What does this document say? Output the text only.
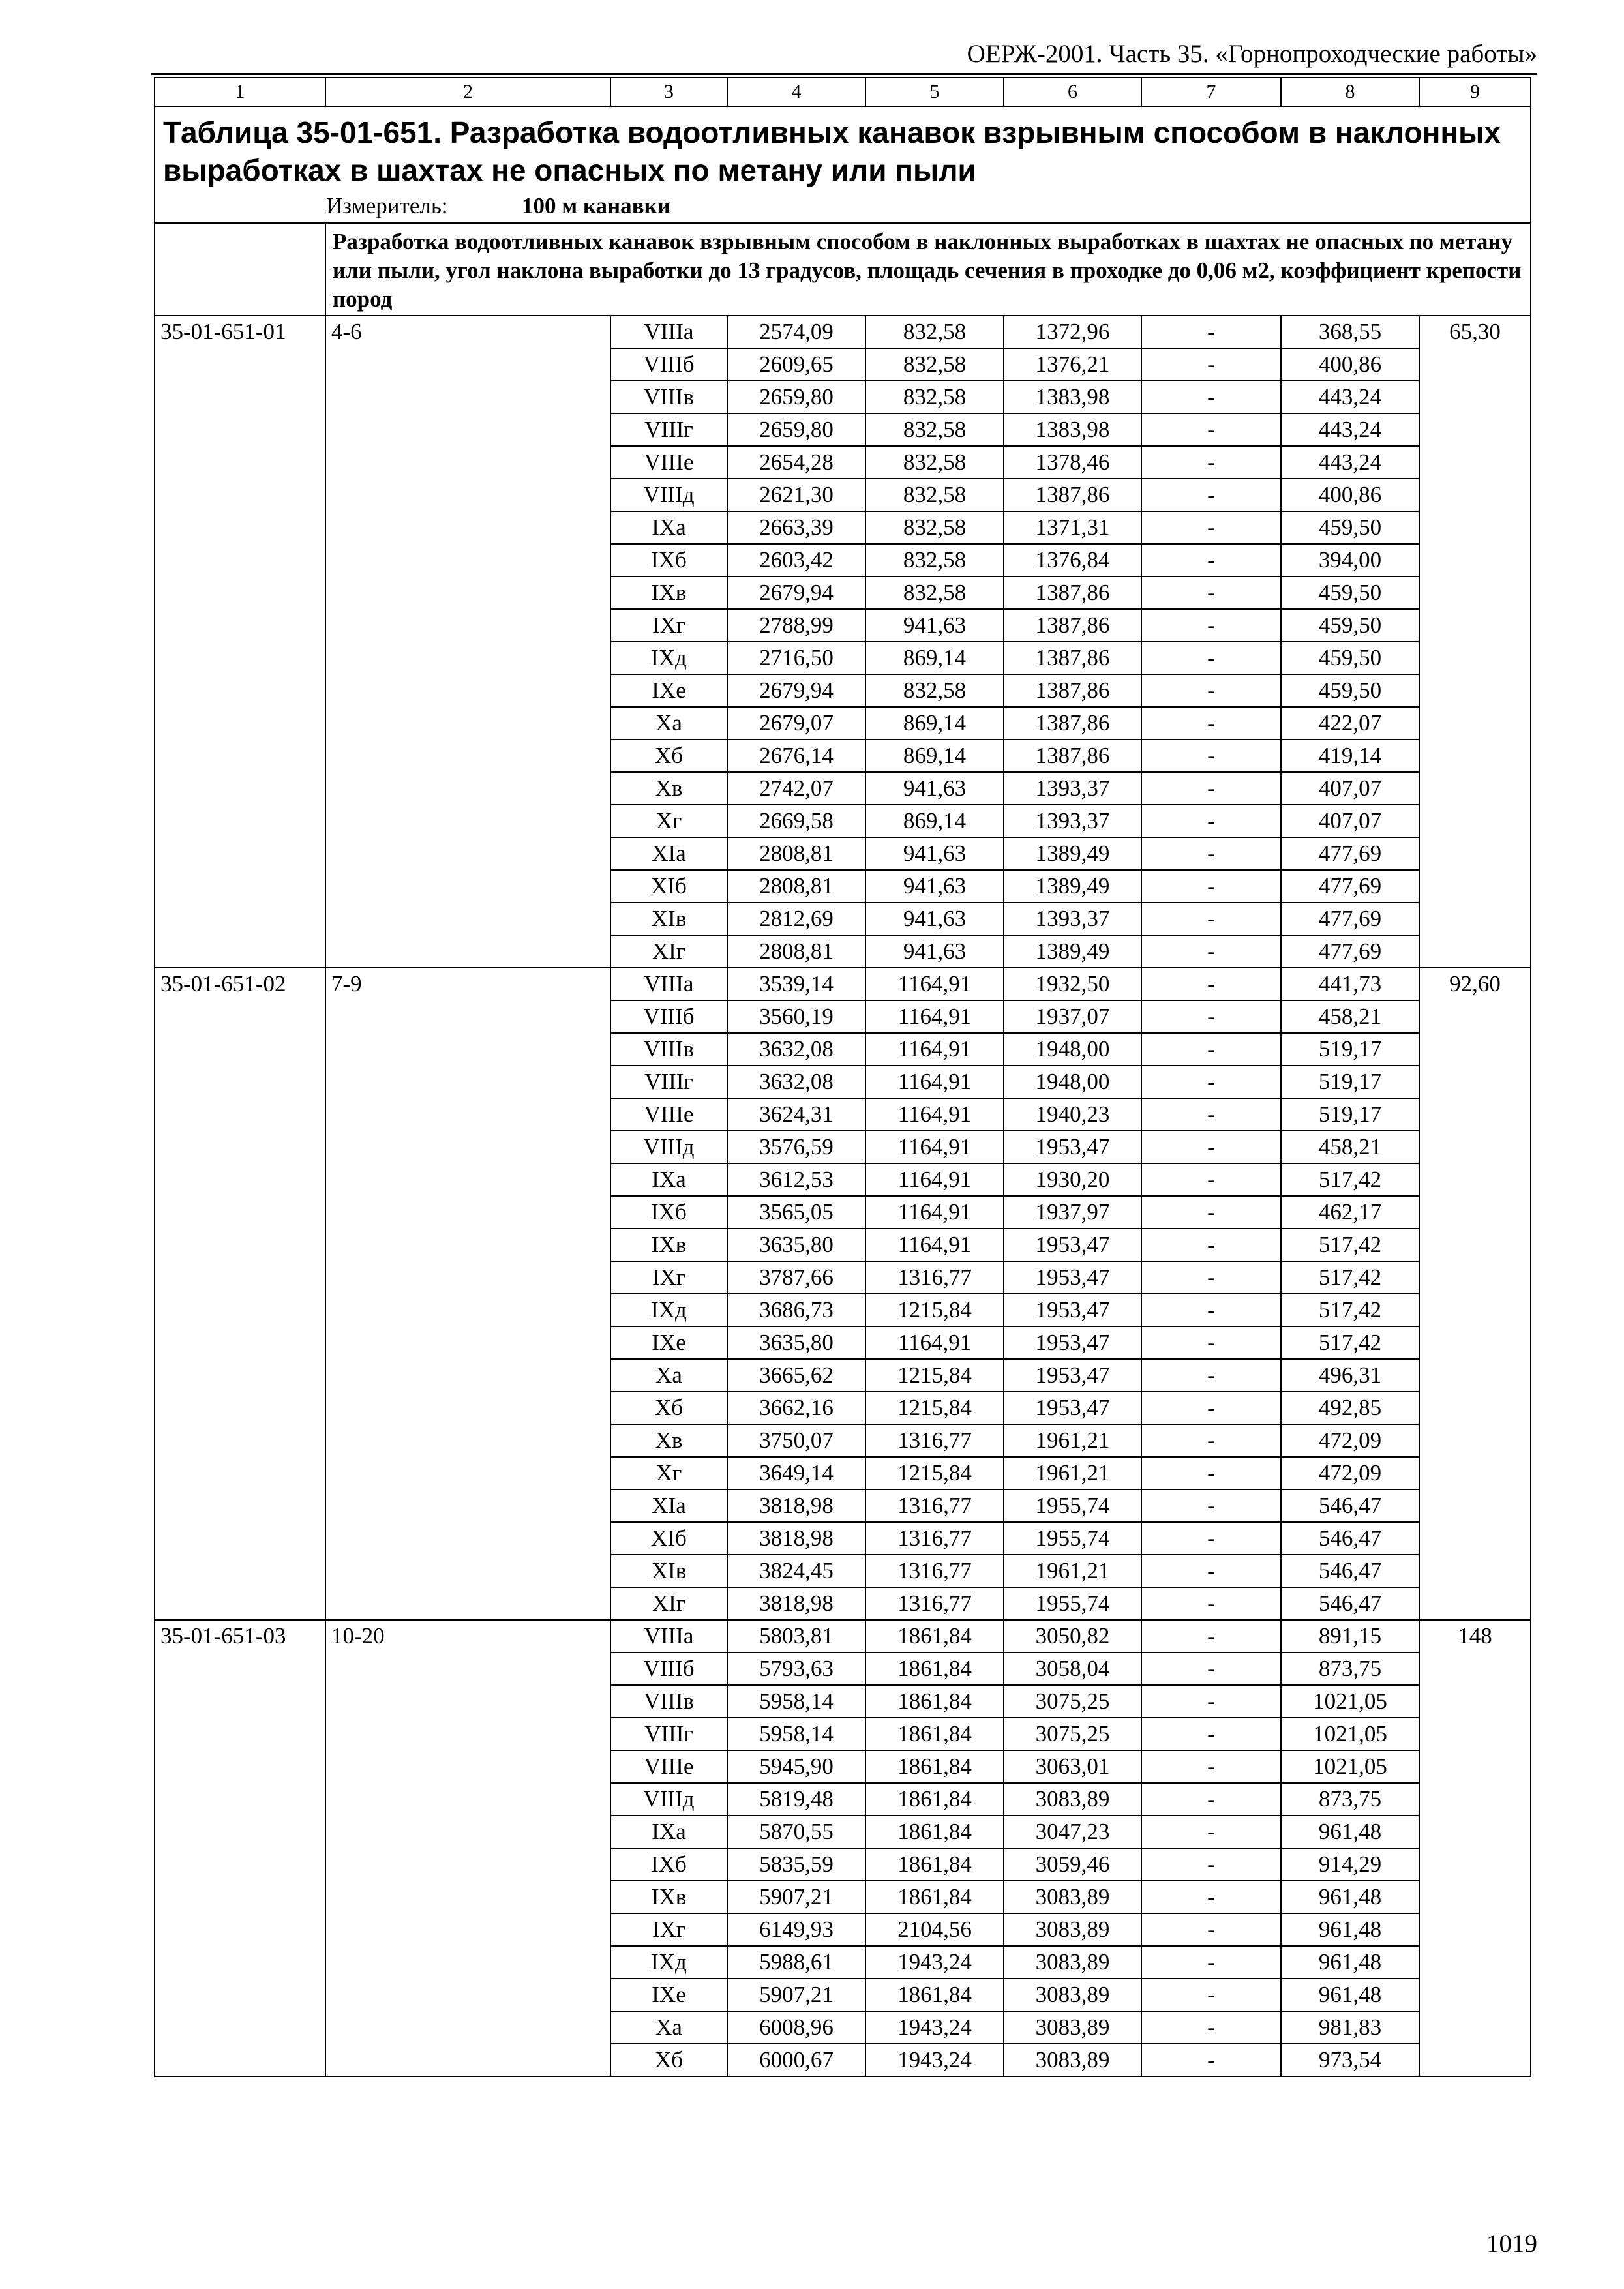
ОЕРЖ-2001. Часть 35. «Горнопроходческие работы»
1	2	3	4	5	6	7	8	9
Таблица 35-01-651. Разработка водоотливных канавок взрывным способом в наклонных выработках в шахтах не опасных по метану или пыли								
Измеритель: 100 м канавки								
	Разработка водоотливных канавок взрывным способом в наклонных выработках в шахтах не опасных по метану или пыли, угол наклона выработки до 13 градусов, площадь сечения в проходке до 0,06 м2, коэффициент крепости пород							
35-01-651-01	4-6	VIIIа	2574,09	832,58	1372,96	-	368,55	65,30
		VIIIб	2609,65	832,58	1376,21	-	400,86	
		VIIIв	2659,80	832,58	1383,98	-	443,24	
		VIIIг	2659,80	832,58	1383,98	-	443,24	
		VIIIе	2654,28	832,58	1378,46	-	443,24	
		VIIIд	2621,30	832,58	1387,86	-	400,86	
		IXа	2663,39	832,58	1371,31	-	459,50	
		IXб	2603,42	832,58	1376,84	-	394,00	
		IXв	2679,94	832,58	1387,86	-	459,50	
		IXг	2788,99	941,63	1387,86	-	459,50	
		IXд	2716,50	869,14	1387,86	-	459,50	
		IXе	2679,94	832,58	1387,86	-	459,50	
		Xа	2679,07	869,14	1387,86	-	422,07	
		Xб	2676,14	869,14	1387,86	-	419,14	
		Xв	2742,07	941,63	1393,37	-	407,07	
		Xг	2669,58	869,14	1393,37	-	407,07	
		XIа	2808,81	941,63	1389,49	-	477,69	
		XIб	2808,81	941,63	1389,49	-	477,69	
		XIв	2812,69	941,63	1393,37	-	477,69	
		XIг	2808,81	941,63	1389,49	-	477,69	
35-01-651-02	7-9	VIIIа	3539,14	1164,91	1932,50	-	441,73	92,60
		VIIIб	3560,19	1164,91	1937,07	-	458,21	
		VIIIв	3632,08	1164,91	1948,00	-	519,17	
		VIIIг	3632,08	1164,91	1948,00	-	519,17	
		VIIIе	3624,31	1164,91	1940,23	-	519,17	
		VIIIд	3576,59	1164,91	1953,47	-	458,21	
		IXа	3612,53	1164,91	1930,20	-	517,42	
		IXб	3565,05	1164,91	1937,97	-	462,17	
		IXв	3635,80	1164,91	1953,47	-	517,42	
		IXг	3787,66	1316,77	1953,47	-	517,42	
		IXд	3686,73	1215,84	1953,47	-	517,42	
		IXе	3635,80	1164,91	1953,47	-	517,42	
		Xа	3665,62	1215,84	1953,47	-	496,31	
		Xб	3662,16	1215,84	1953,47	-	492,85	
		Xв	3750,07	1316,77	1961,21	-	472,09	
		Xг	3649,14	1215,84	1961,21	-	472,09	
		XIа	3818,98	1316,77	1955,74	-	546,47	
		XIб	3818,98	1316,77	1955,74	-	546,47	
		XIв	3824,45	1316,77	1961,21	-	546,47	
		XIг	3818,98	1316,77	1955,74	-	546,47	
35-01-651-03	10-20	VIIIа	5803,81	1861,84	3050,82	-	891,15	148
		VIIIб	5793,63	1861,84	3058,04	-	873,75	
		VIIIв	5958,14	1861,84	3075,25	-	1021,05	
		VIIIг	5958,14	1861,84	3075,25	-	1021,05	
		VIIIе	5945,90	1861,84	3063,01	-	1021,05	
		VIIIд	5819,48	1861,84	3083,89	-	873,75	
		IXа	5870,55	1861,84	3047,23	-	961,48	
		IXб	5835,59	1861,84	3059,46	-	914,29	
		IXв	5907,21	1861,84	3083,89	-	961,48	
		IXг	6149,93	2104,56	3083,89	-	961,48	
		IXд	5988,61	1943,24	3083,89	-	961,48	
		IXе	5907,21	1861,84	3083,89	-	961,48	
		Xа	6008,96	1943,24	3083,89	-	981,83	
		Xб	6000,67	1943,24	3083,89	-	973,54	
1019
